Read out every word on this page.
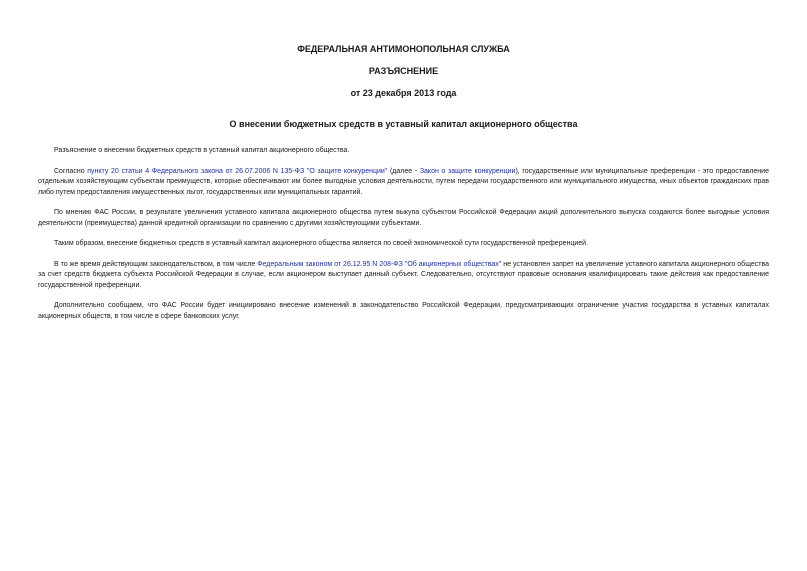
ФЕДЕРАЛЬНАЯ АНТИМОНОПОЛЬНАЯ СЛУЖБА

РАЗЪЯСНЕНИЕ

от 23 декабря 2013 года

О внесении бюджетных средств в уставный капитал акционерного общества

Разъяснение о внесении бюджетных средств в уставный капитал акционерного общества.

Согласно пункту 20 статьи 4 Федерального закона от 26.07.2006 N 135-ФЗ "О защите конкуренции" (далее - Закон о защите конкуренции), государственные или муниципальные преференции - это предоставление отдельным хозяйствующим субъектам преимуществ, которые обеспечивают им более выгодные условия деятельности, путем передачи государственного или муниципального имущества, иных объектов гражданских прав либо путем предоставления имущественных льгот, государственных или муниципальных гарантий.

По мнению ФАС России, в результате увеличения уставного капитала акционерного общества путем выкупа субъектом Российской Федерации акций дополнительного выпуска создаются более выгодные условия деятельности (преимущества) данной кредитной организации по сравнению с другими хозяйствующими субъектами.

Таким образом, внесение бюджетных средств в уставный капитал акционерного общества является по своей экономической сути государственной преференцией.

В то же время действующим законодательством, в том числе Федеральным законом от 26.12.95 N 208-ФЗ "Об акционерных обществах" не установлен запрет на увеличение уставного капитала акционерного общества за счет средств бюджета субъекта Российской Федерации в случае, если акционером выступает данный субъект. Следовательно, отсутствуют правовые основания квалифицировать такие действия как предоставление государственной преференции.

Дополнительно сообщаем, что ФАС России будет инициировано внесение изменений в законодательство Российской Федерации, предусматривающих ограничение участия государства в уставных капиталах акционерных обществ, в том числе в сфере банковских услуг.
